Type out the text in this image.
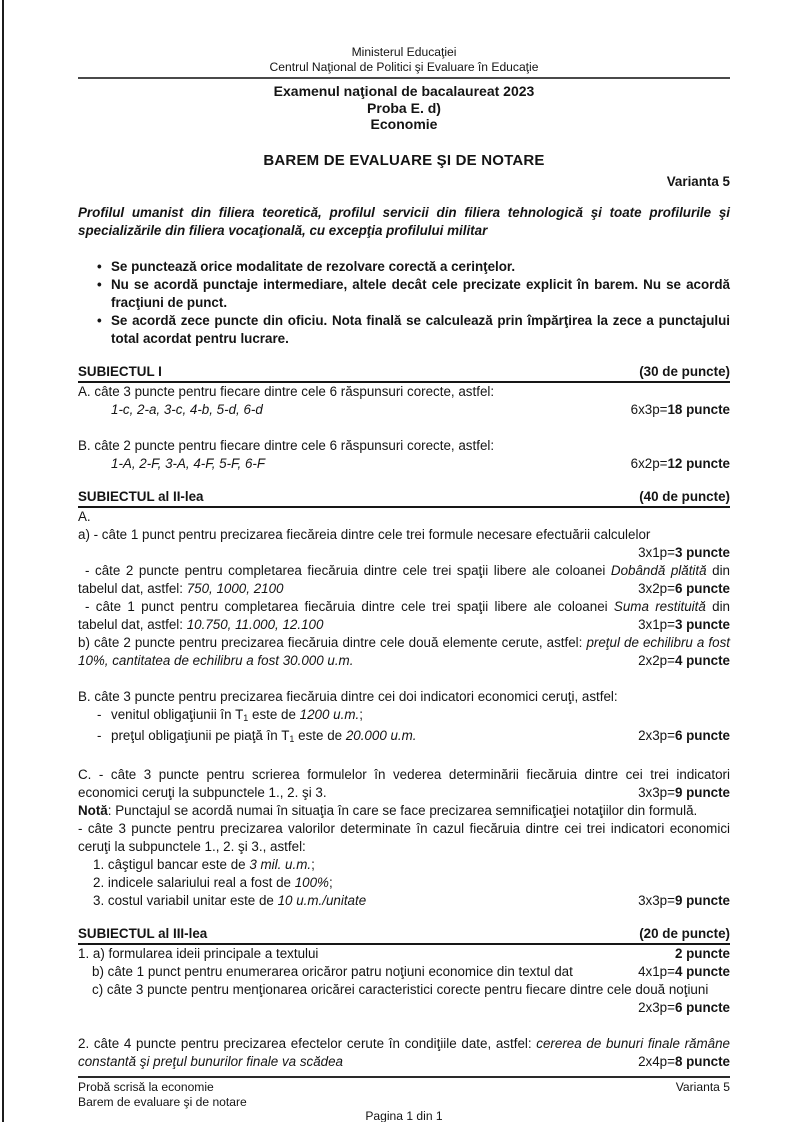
Ministerul Educaţiei
Centrul Naţional de Politici şi Evaluare în Educaţie
Examenul naţional de bacalaureat 2023
Proba E. d)
Economie
BAREM DE EVALUARE ŞI DE NOTARE
Varianta 5

Profilul umanist din filiera teoretică, profilul servicii din filiera tehnologică şi toate profilurile şi specializările din filiera vocaţională, cu excepţia profilului militar

• Se punctează orice modalitate de rezolvare corectă a cerinţelor.

• Nu se acordă punctaje intermediare, altele decât cele precizate explicit în barem. Nu se acordă fracţiuni de punct.

• Se acordă zece puncte din oficiu. Nota finală se calculează prin împărţirea la zece a punctajului total acordat pentru lucrare.

SUBIECTUL I	(30 de puncte)

A. câte 3 puncte pentru fiecare dintre cele 6 răspunsuri corecte, astfel:

1-c, 2-a, 3-c, 4-b, 5-d, 6-d	6x3p=18 puncte

B. câte 2 puncte pentru fiecare dintre cele 6 răspunsuri corecte, astfel:

1-A, 2-F, 3-A, 4-F, 5-F, 6-F	6x2p=12 puncte

SUBIECTUL al II-lea	(40 de puncte)

A.

a) - câte 1 punct pentru precizarea fiecăreia dintre cele trei formule necesare efectuării calculelor
3x1p=3 puncte

- câte 2 puncte pentru completarea fiecăruia dintre cele trei spaţii libere ale coloanei Dobândă plătită din tabelul dat, astfel: 750, 1000, 2100	3x2p=6 puncte

- câte 1 punct pentru completarea fiecăruia dintre cele trei spaţii libere ale coloanei Suma restituită din tabelul dat, astfel: 10.750, 11.000, 12.100	3x1p=3 puncte

b) câte 2 puncte pentru precizarea fiecăruia dintre cele două elemente cerute, astfel: preţul de echilibru a fost 10%, cantitatea de echilibru a fost 30.000 u.m.	2x2p=4 puncte

B. câte 3 puncte pentru precizarea fiecăruia dintre cei doi indicatori economici ceruţi, astfel:

- venitul obligaţiunii în $T_1$ este de 1200 u.m.;

- preţul obligaţiunii pe piaţă în $T_1$ este de 20.000 u.m.	2x3p=6 puncte

C. - câte 3 puncte pentru scrierea formulelor în vederea determinării fiecăruia dintre cei trei indicatori economici ceruţi la subpunctele 1., 2. şi 3.	3x3p=9 puncte

Notă: Punctajul se acordă numai în situaţia în care se face precizarea semnificaţiei notaţiilor din formulă.

- câte 3 puncte pentru precizarea valorilor determinate în cazul fiecăruia dintre cei trei indicatori economici ceruţi la subpunctele 1., 2. şi 3., astfel:

1. câştigul bancar este de 3 mil. u.m.;

2. indicele salariului real a fost de 100%;

3. costul variabil unitar este de 10 u.m./unitate	3x3p=9 puncte

SUBIECTUL al III-lea	(20 de puncte)

1. a) formularea ideii principale a textului	2 puncte

b) câte 1 punct pentru enumerarea oricăror patru noţiuni economice din textul dat	4x1p=4 puncte

c) câte 3 puncte pentru menţionarea oricărei caracteristici corecte pentru fiecare dintre cele două noţiuni
2x3p=6 puncte

2. câte 4 puncte pentru precizarea efectelor cerute în condiţiile date, astfel: cererea de bunuri finale rămâne constantă şi preţul bunurilor finale va scădea	2x4p=8 puncte

Probă scrisă la economie	Varianta 5
Barem de evaluare şi de notare
Pagina 1 din 1
